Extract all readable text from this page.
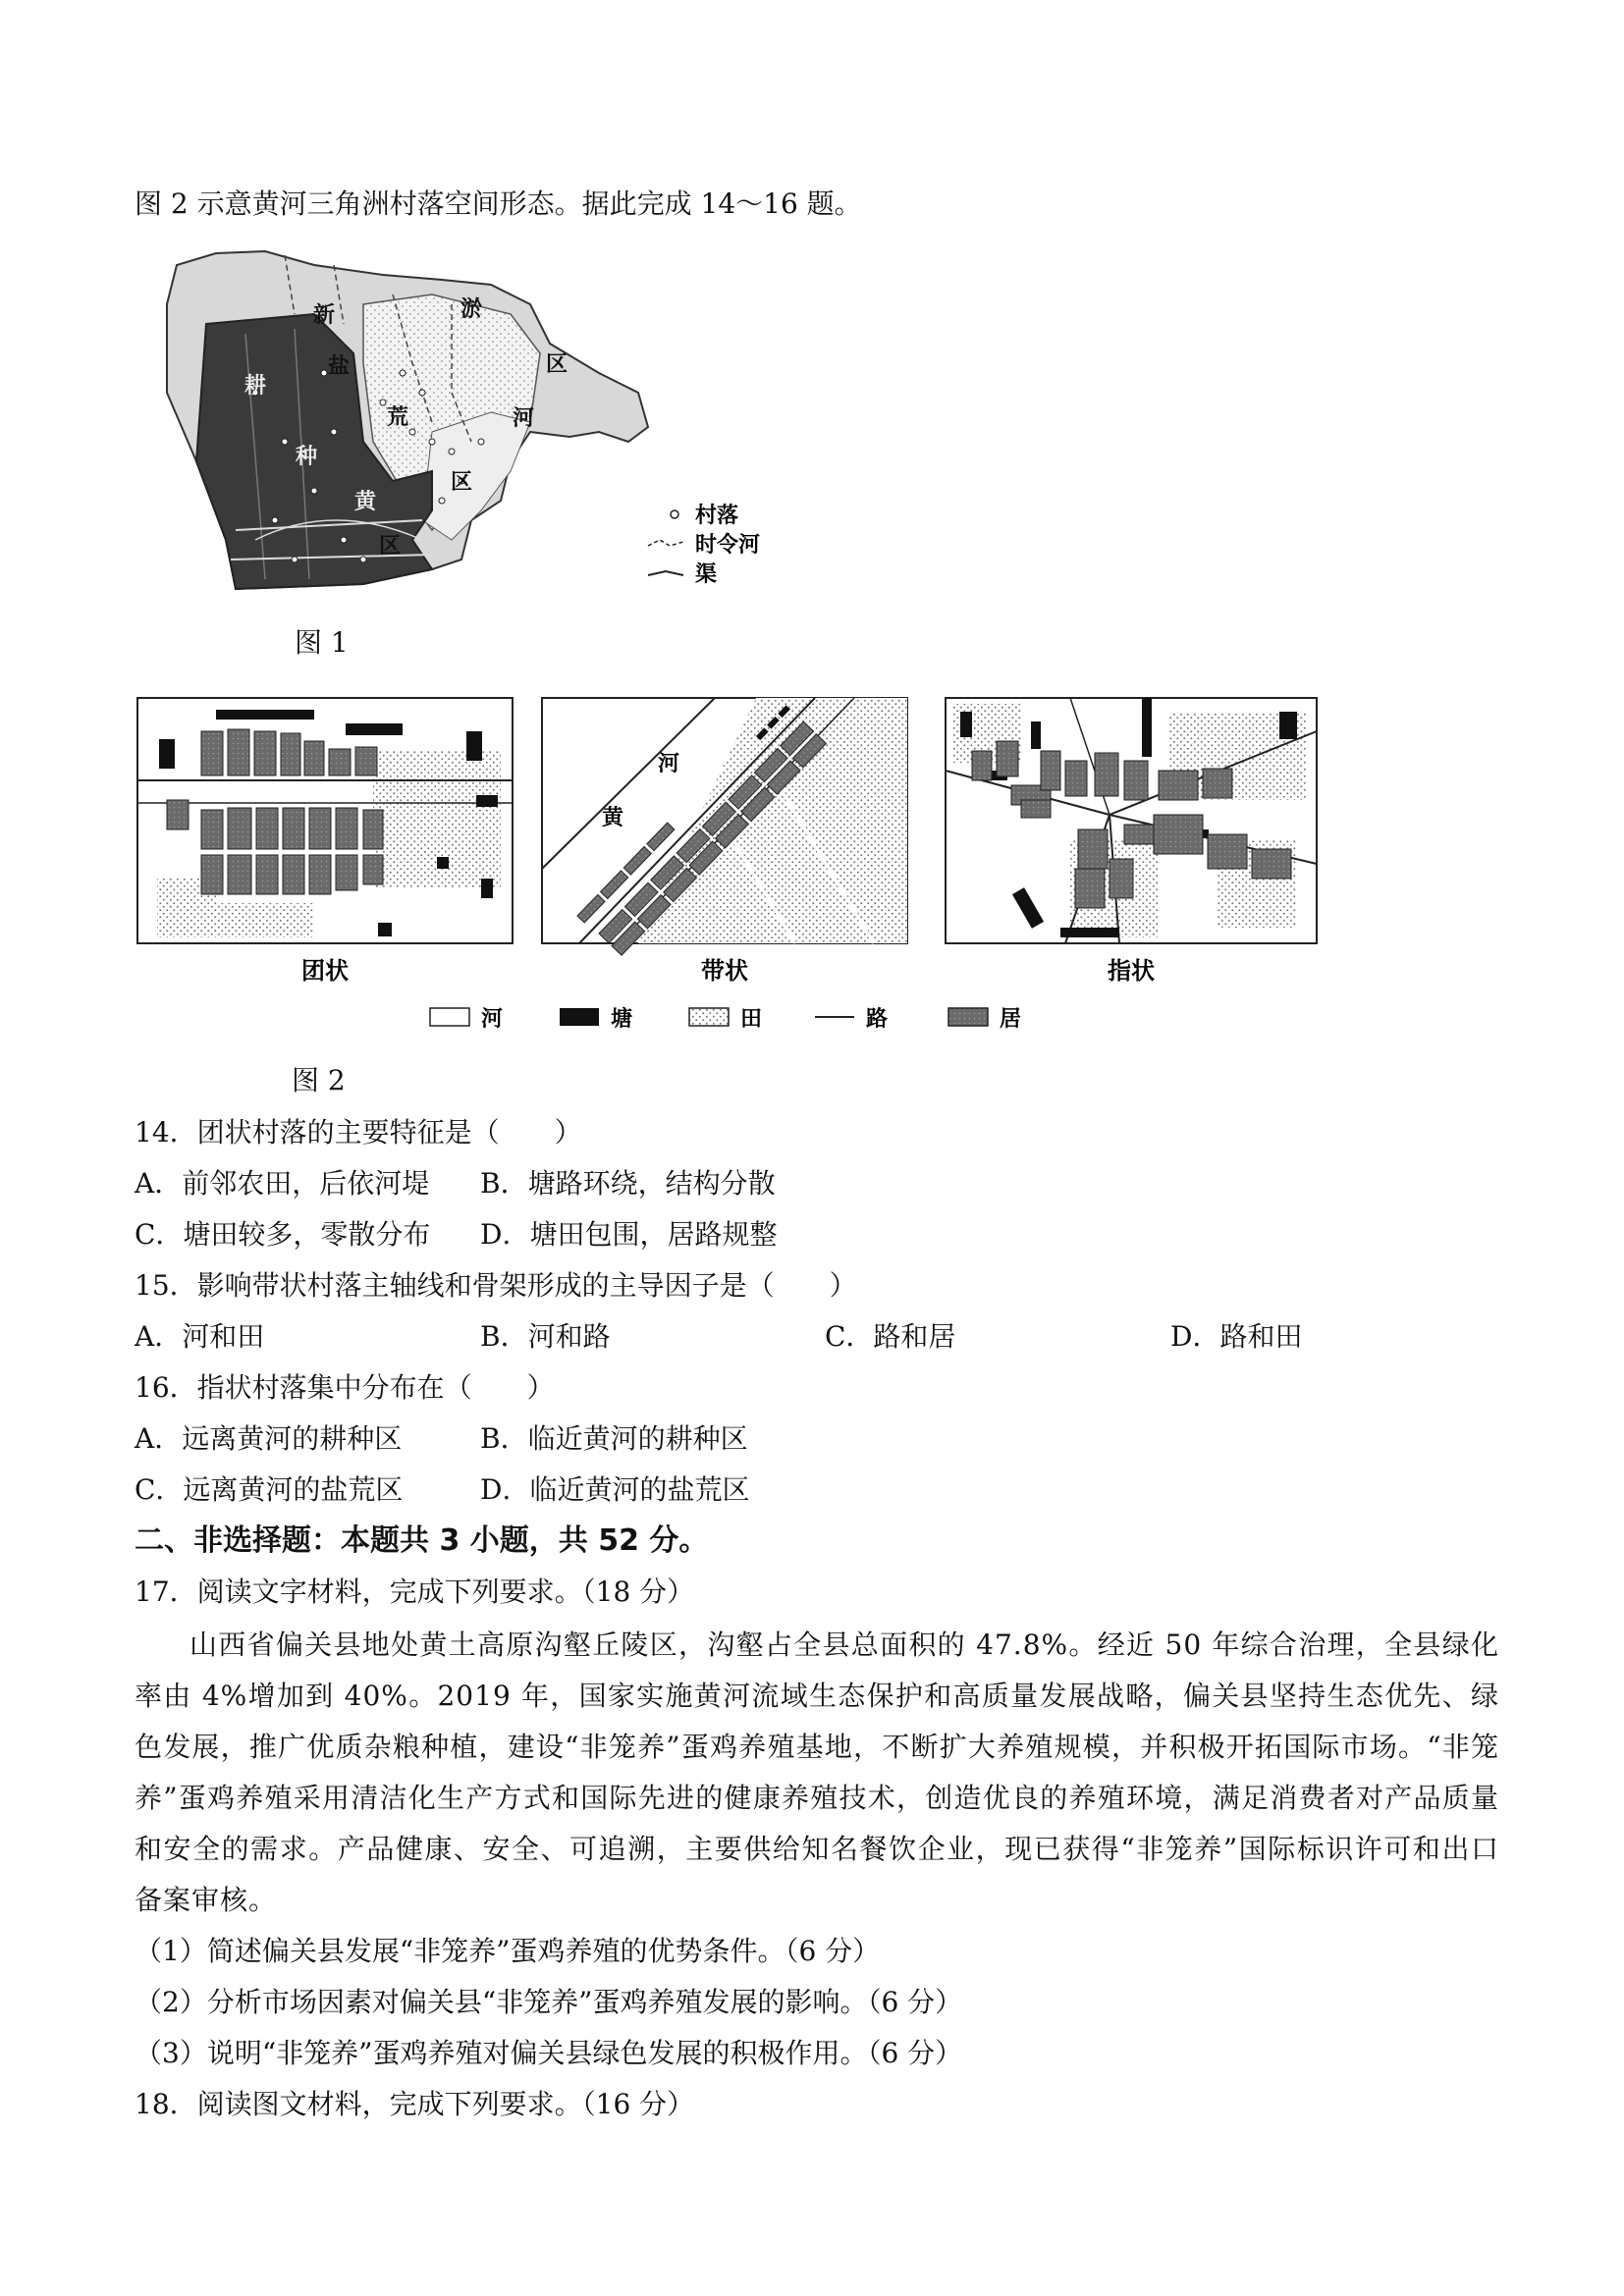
图 2 示意黄河三角洲村落空间形态。据此完成 14～16 题。
新	淤
盐
荒
区
河
耕
种
区
黄
区
村落
时令河
渠
图 1
河
黄
团状	带状	指状
河	塘	田	路	居
图 2
14．团状村落的主要特征是（　　）
A．前邻农田，后依河堤 B．塘路环绕，结构分散
C．塘田较多，零散分布 D．塘田包围，居路规整
15．影响带状村落主轴线和骨架形成的主导因子是（　　）
A．河和田	B．河和路	C．路和居	D．路和田
16．指状村落集中分布在（　　）
A．远离黄河的耕种区	B．临近黄河的耕种区
C．远离黄河的盐荒区	D．临近黄河的盐荒区
二、非选择题：本题共 3 小题，共 52 分。
17．阅读文字材料，完成下列要求。（18 分）
山西省偏关县地处黄土高原沟壑丘陵区，沟壑占全县总面积的 47.8%。经近 50 年综合治理，全县绿化率由 4%增加到 40%。2019 年，国家实施黄河流域生态保护和高质量发展战略，偏关县坚持生态优先、绿色发展，推广优质杂粮种植，建设“非笼养”蛋鸡养殖基地，不断扩大养殖规模，并积极开拓国际市场。“非笼养”蛋鸡养殖采用清洁化生产方式和国际先进的健康养殖技术，创造优良的养殖环境，满足消费者对产品质量和安全的需求。产品健康、安全、可追溯，主要供给知名餐饮企业，现已获得“非笼养”国际标识许可和出口备案审核。
（1）简述偏关县发展“非笼养”蛋鸡养殖的优势条件。（6 分）
（2）分析市场因素对偏关县“非笼养”蛋鸡养殖发展的影响。（6 分）
（3）说明“非笼养”蛋鸡养殖对偏关县绿色发展的积极作用。（6 分）
18．阅读图文材料，完成下列要求。（16 分）
